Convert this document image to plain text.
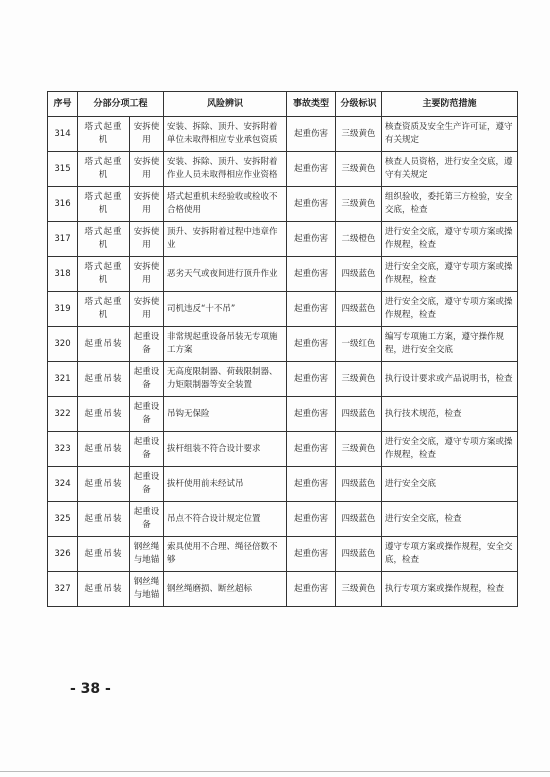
序号	分部分项工程		风险辨识	事故类型	分级标识	主要防范措施
314	塔式起重机	安拆使用	安装、拆除、顶升、安拆附着单位未取得相应专业承包资质	起重伤害	三级黄色	核查资质及安全生产许可证，遵守有关规定
315	塔式起重机	安拆使用	安装、拆除、顶升、安拆附着作业人员未取得相应作业资格	起重伤害	三级黄色	核查人员资格，进行安全交底，遵守有关规定
316	塔式起重机	安拆使用	塔式起重机未经验收或检收不合格使用	起重伤害	三级黄色	组织验收，委托第三方检验，安全交底，检查
317	塔式起重机	安拆使用	顶升、安拆附着过程中违章作业	起重伤害	二级橙色	进行安全交底，遵守专项方案或操作规程，检查
318	塔式起重机	安拆使用	恶劣天气或夜间进行顶升作业	起重伤害	四级蓝色	进行安全交底，遵守专项方案或操作规程，检查
319	塔式起重机	安拆使用	司机违反“十不吊”	起重伤害	四级蓝色	进行安全交底，遵守专项方案或操作规程，检查
320	起重吊装	起重设备	非常规起重设备吊装无专项施工方案	起重伤害	一级红色	编写专项施工方案，遵守操作规程，进行安全交底
321	起重吊装	起重设备	无高度限制器、荷载限制器、力矩限制器等安全装置	起重伤害	三级黄色	执行设计要求或产品说明书，检查
322	起重吊装	起重设备	吊钩无保险	起重伤害	四级蓝色	执行技术规范，检查
323	起重吊装	起重设备	拔杆组装不符合设计要求	起重伤害	三级黄色	进行安全交底，遵守专项方案或操作规程，检查
324	起重吊装	起重设备	拔杆使用前未经试吊	起重伤害	四级蓝色	进行安全交底
325	起重吊装	起重设备	吊点不符合设计规定位置	起重伤害	四级蓝色	进行安全交底，检查
326	起重吊装	钢丝绳与地锚	索具使用不合理、绳径倍数不够	起重伤害	四级蓝色	遵守专项方案或操作规程，安全交底，检查
327	起重吊装	钢丝绳与地锚	钢丝绳磨损、断丝超标	起重伤害	三级黄色	执行专项方案或操作规程，检查
- 38 -
